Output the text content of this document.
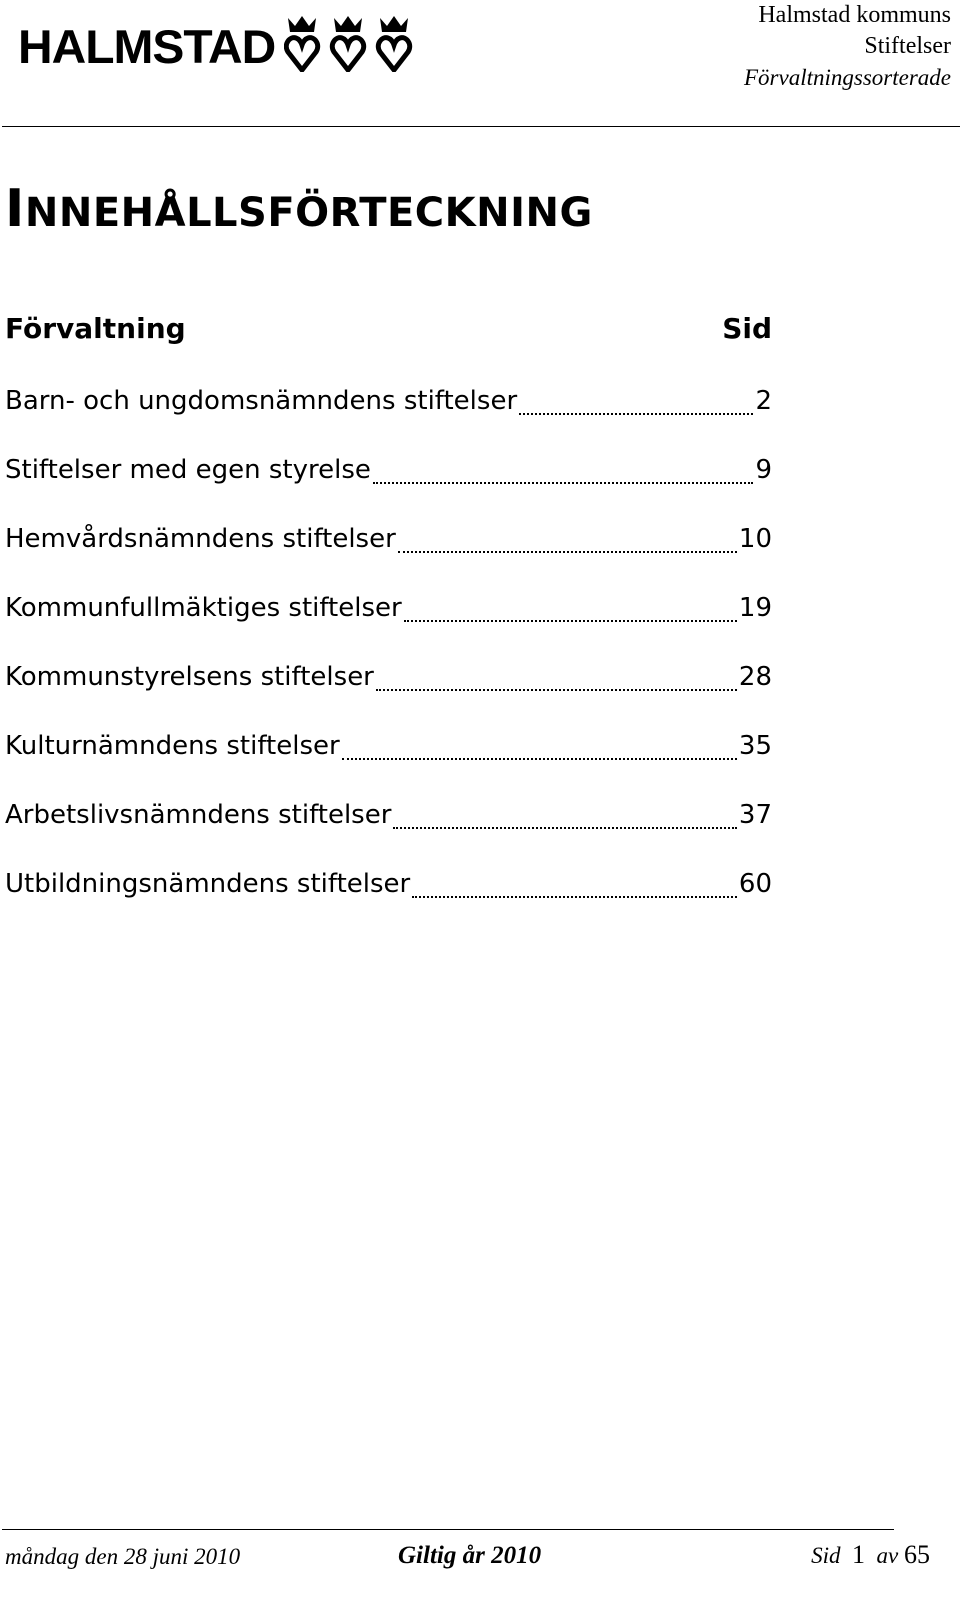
HALMSTAD
Halmstad kommuns
Stiftelser
Förvaltningssorterade
INNEHÅLLSFÖRTECKNING
Förvaltning	Sid
Barn- och ungdomsnämndens stiftelser	2
Stiftelser med egen styrelse	9
Hemvårdsnämndens stiftelser	10
Kommunfullmäktiges stiftelser	19
Kommunstyrelsens stiftelser	28
Kulturnämndens stiftelser	35
Arbetslivsnämndens stiftelser	37
Utbildningsnämndens stiftelser	60
måndag den 28 juni 2010	Giltig år 2010	Sid 1 av 65
